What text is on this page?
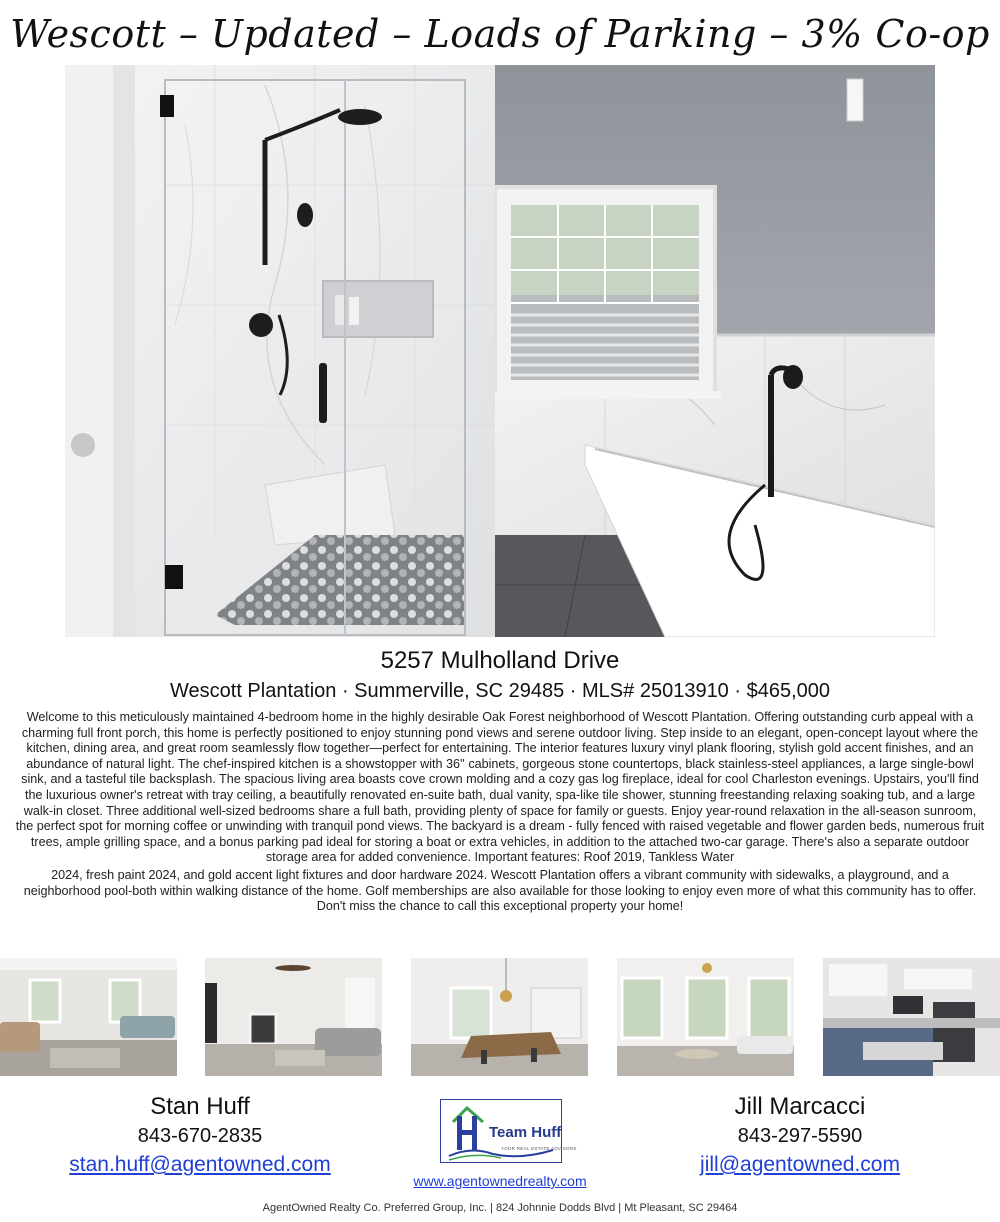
Wescott – Updated – Loads of Parking – 3% Co-op
5257 Mulholland Drive
Wescott Plantation · Summerville, SC 29485 · MLS# 25013910 · $465,000

Welcome to this meticulously maintained 4-bedroom home in the highly desirable Oak Forest neighborhood of Wescott Plantation. Offering outstanding curb appeal with a charming full front porch, this home is perfectly positioned to enjoy stunning pond views and serene outdoor living. Step inside to an elegant, open-concept layout where the kitchen, dining area, and great room seamlessly flow together—perfect for entertaining. The interior features luxury vinyl plank flooring, stylish gold accent finishes, and an abundance of natural light. The chef-inspired kitchen is a showstopper with 36'' cabinets, gorgeous stone countertops, black stainless-steel appliances, a large single-bowl sink, and a tasteful tile backsplash. The spacious living area boasts cove crown molding and a cozy gas log fireplace, ideal for cool Charleston evenings. Upstairs, you'll find the luxurious owner's retreat with tray ceiling, a beautifully renovated en-suite bath, dual vanity, spa-like tile shower, stunning freestanding relaxing soaking tub, and a large walk-in closet. Three additional well-sized bedrooms share a full bath, providing plenty of space for family or guests. Enjoy year-round relaxation in the all-season sunroom, the perfect spot for morning coffee or unwinding with tranquil pond views. The backyard is a dream - fully fenced with raised vegetable and flower garden beds, numerous fruit trees, ample grilling space, and a bonus parking pad ideal for storing a boat or extra vehicles, in addition to the attached two-car garage. There's also a separate outdoor storage area for added convenience. Important features: Roof 2019, Tankless Water

2024, fresh paint 2024, and gold accent light fixtures and door hardware 2024. Wescott Plantation offers a vibrant community with sidewalks, a playground, and a neighborhood pool-both within walking distance of the home. Golf memberships are also available for those looking to enjoy even more of what this community has to offer. Don't miss the chance to call this exceptional property your home!

Stan Huff
843-670-2835
stan.huff@agentowned.com
Team Huff
YOUR REAL ESTATE ADVISORS
Jill Marcacci
843-297-5590
jill@agentowned.com
www.agentownedrealty.com
AgentOwned Realty Co. Preferred Group, Inc. | 824 Johnnie Dodds Blvd | Mt Pleasant, SC 29464
